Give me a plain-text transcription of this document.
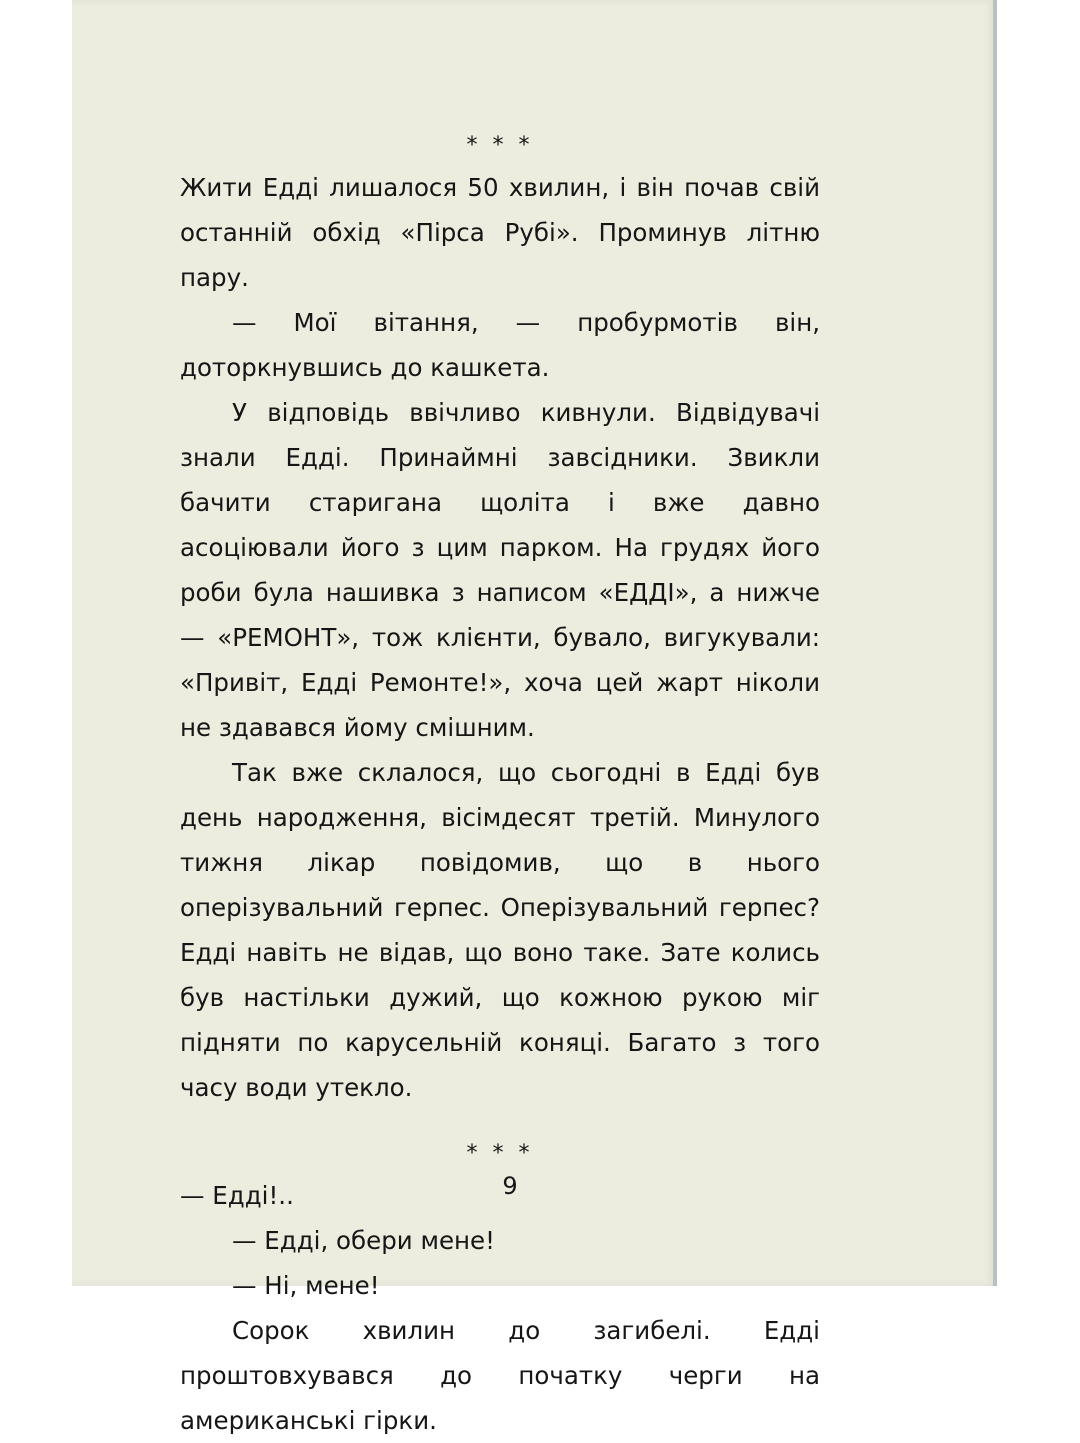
* * *

Жити Едді лишалося 50 хвилин, і він почав свій останній обхід «Пірса Рубі». Проминув літню пару.

— Мої вітання, — пробурмотів він, доторкнувшись до кашкета.

У відповідь ввічливо кивнули. Відвідувачі знали Едді. Принаймні завсідники. Звикли бачити старигана щоліта і вже давно асоціювали його з цим парком. На грудях його роби була нашивка з написом «ЕДДІ», а нижче — «РЕМОНТ», тож клієнти, бувало, вигукували: «Привіт, Едді Ремонте!», хоча цей жарт ніколи не здавався йому смішним.

Так вже склалося, що сьогодні в Едді був день народження, вісімдесят третій. Минулого тижня лікар повідомив, що в нього оперізувальний герпес. Оперізувальний герпес? Едді навіть не відав, що воно таке. Зате колись був настільки дужий, що кожною рукою міг підняти по карусельній коняці. Багато з того часу води утекло.

* * *

— Едді!..

— Едді, обери мене!

— Ні, мене!

Сорок хвилин до загибелі. Едді проштовхувався до початку черги на американські гірки.

9
